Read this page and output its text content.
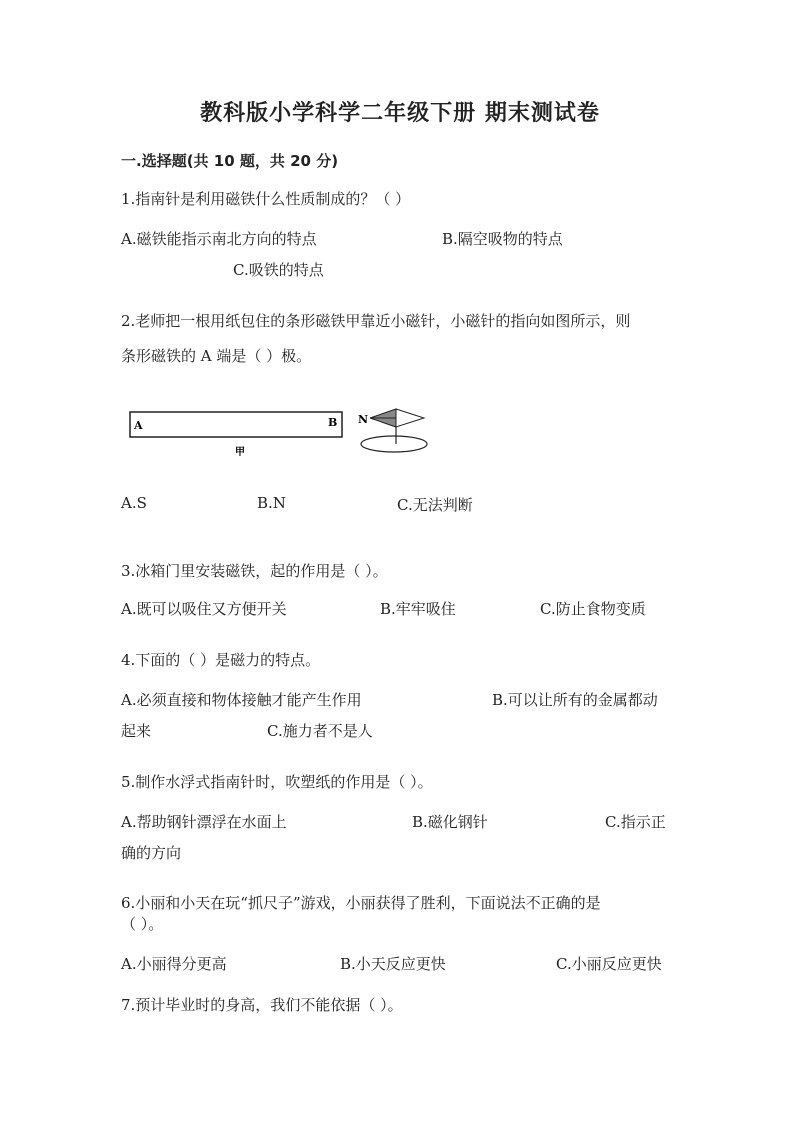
教科版小学科学二年级下册 期末测试卷
一.选择题(共 10 题，共 20 分)
1.指南针是利用磁铁什么性质制成的？（ ）
A.磁铁能指示南北方向的特点	B.隔空吸物的特点
C.吸铁的特点
2.老师把一根用纸包住的条形磁铁甲靠近小磁针，小磁针的指向如图所示，则
条形磁铁的 A 端是（ ）极。
A	B
甲
N
A.S	B.N	C.无法判断
3.冰箱门里安装磁铁，起的作用是（ ）。
A.既可以吸住又方便开关	B.牢牢吸住	C.防止食物变质
4.下面的（ ）是磁力的特点。
A.必须直接和物体接触才能产生作用	B.可以让所有的金属都动
起来	C.施力者不是人
5.制作水浮式指南针时，吹塑纸的作用是（ ）。
A.帮助钢针漂浮在水面上	B.磁化钢针	C.指示正
确的方向
6.小丽和小天在玩“抓尺子”游戏，小丽获得了胜利，下面说法不正确的是
（ ）。
A.小丽得分更高	B.小天反应更快	C.小丽反应更快
7.预计毕业时的身高，我们不能依据（ ）。
